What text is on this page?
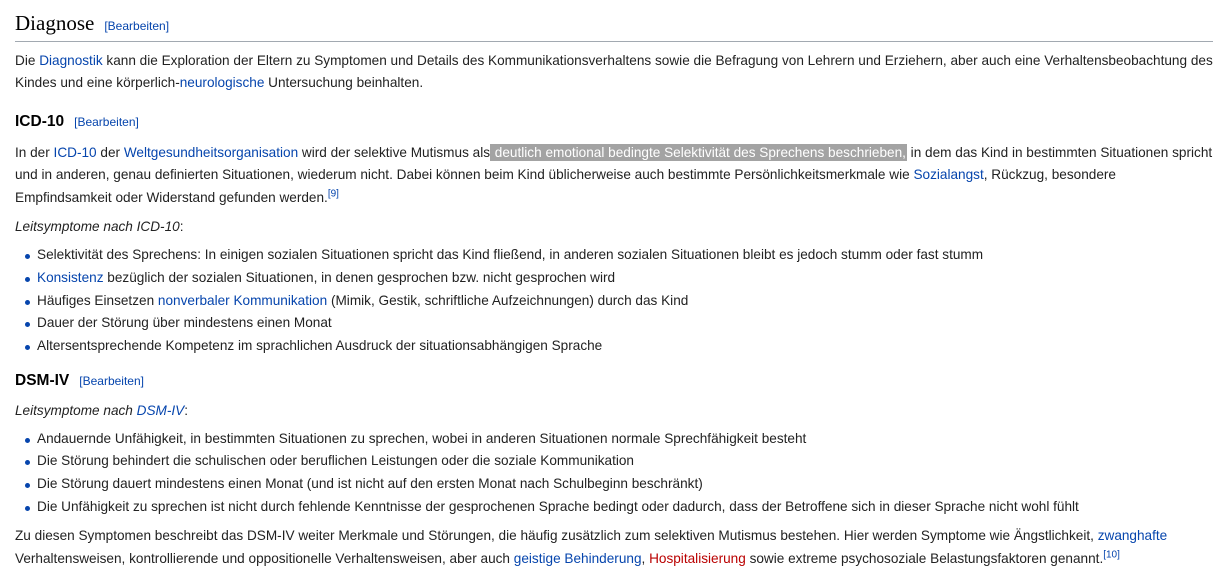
Diagnose [Bearbeiten]

Die Diagnostik kann die Exploration der Eltern zu Symptomen und Details des Kommunikationsverhaltens sowie die Befragung von Lehrern und Erziehern, aber auch eine Verhaltensbeobachtung des Kindes und eine körperlich-neurologische Untersuchung beinhalten.

ICD-10 [Bearbeiten]

In der ICD-10 der Weltgesundheitsorganisation wird der selektive Mutismus als deutlich emotional bedingte Selektivität des Sprechens beschrieben, in dem das Kind in bestimmten Situationen spricht und in anderen, genau definierten Situationen, wiederum nicht. Dabei können beim Kind üblicherweise auch bestimmte Persönlichkeitsmerkmale wie Sozialangst, Rückzug, besondere Empfindsamkeit oder Widerstand gefunden werden.[9]

Leitsymptome nach ICD-10:

Selektivität des Sprechens: In einigen sozialen Situationen spricht das Kind fließend, in anderen sozialen Situationen bleibt es jedoch stumm oder fast stumm
Konsistenz bezüglich der sozialen Situationen, in denen gesprochen bzw. nicht gesprochen wird
Häufiges Einsetzen nonverbaler Kommunikation (Mimik, Gestik, schriftliche Aufzeichnungen) durch das Kind
Dauer der Störung über mindestens einen Monat
Altersentsprechende Kompetenz im sprachlichen Ausdruck der situationsabhängigen Sprache
DSM-IV [Bearbeiten]

Leitsymptome nach DSM-IV:

Andauernde Unfähigkeit, in bestimmten Situationen zu sprechen, wobei in anderen Situationen normale Sprechfähigkeit besteht
Die Störung behindert die schulischen oder beruflichen Leistungen oder die soziale Kommunikation
Die Störung dauert mindestens einen Monat (und ist nicht auf den ersten Monat nach Schulbeginn beschränkt)
Die Unfähigkeit zu sprechen ist nicht durch fehlende Kenntnisse der gesprochenen Sprache bedingt oder dadurch, dass der Betroffene sich in dieser Sprache nicht wohl fühlt

Zu diesen Symptomen beschreibt das DSM-IV weiter Merkmale und Störungen, die häufig zusätzlich zum selektiven Mutismus bestehen. Hier werden Symptome wie Ängstlichkeit, zwanghafte Verhaltensweisen, kontrollierende und oppositionelle Verhaltensweisen, aber auch geistige Behinderung, Hospitalisierung sowie extreme psychosoziale Belastungsfaktoren genannt.[10]
